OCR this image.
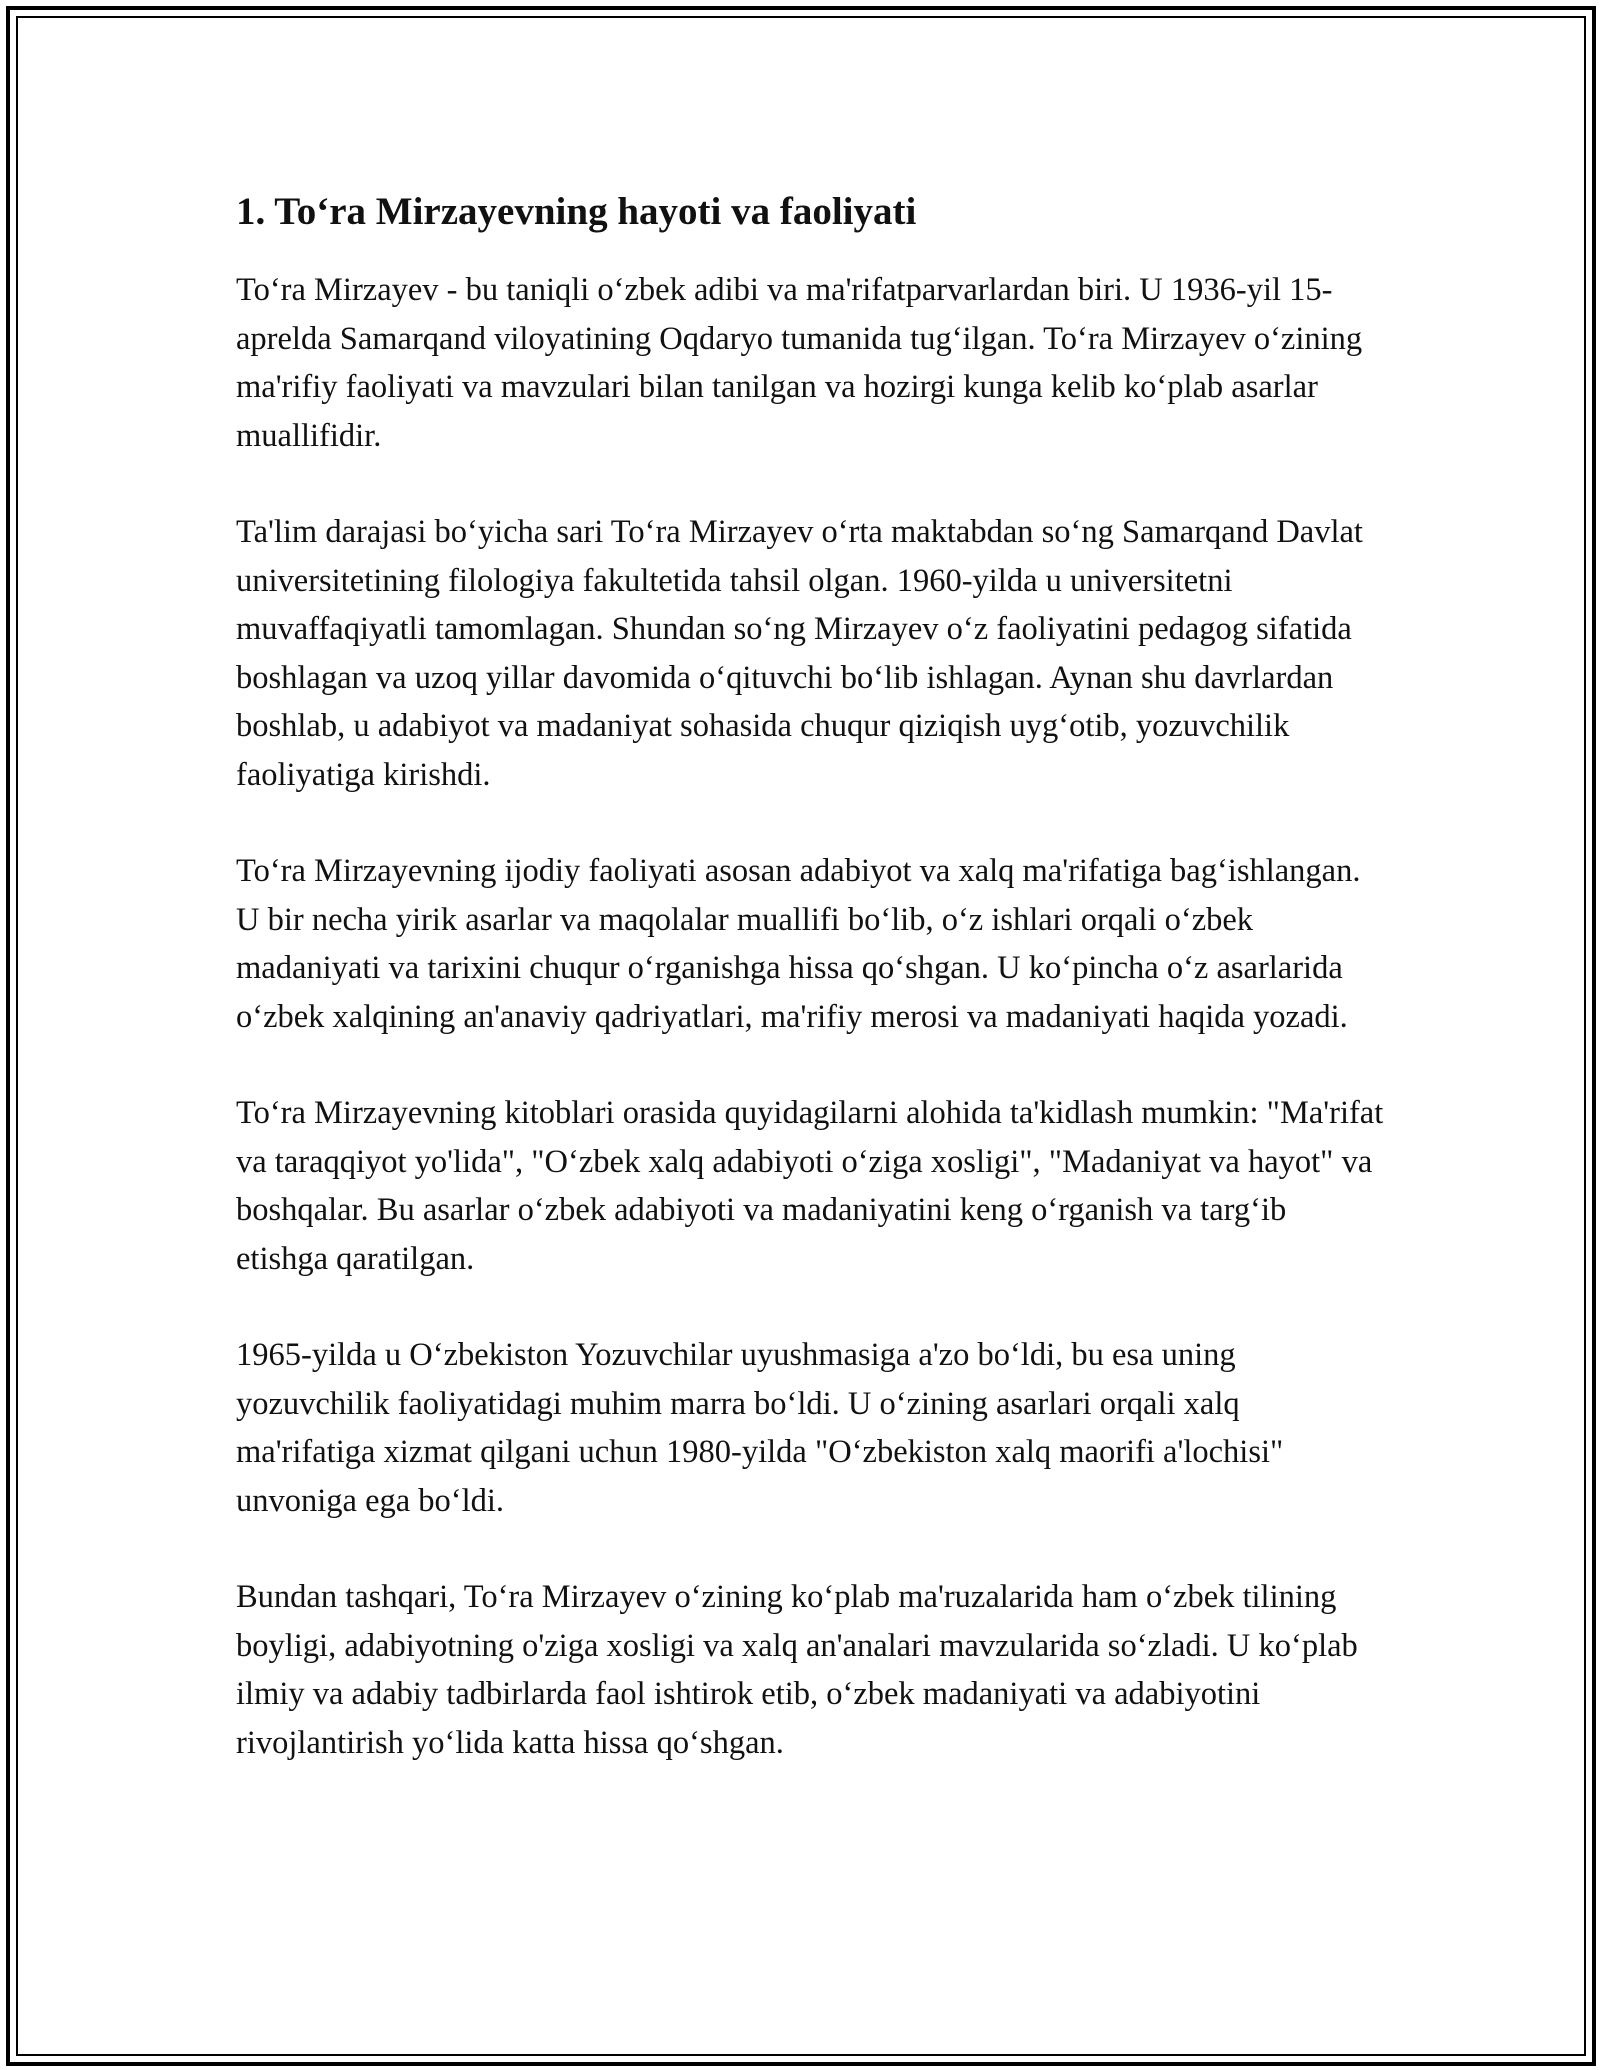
1. To‘ra Mirzayevning hayoti va faoliyati

To‘ra Mirzayev - bu taniqli o‘zbek adibi va ma'rifatparvarlardan biri. U 1936-yil 15-aprelda Samarqand viloyatining Oqdaryo tumanida tug‘ilgan. To‘ra Mirzayev o‘zining ma'rifiy faoliyati va mavzulari bilan tanilgan va hozirgi kunga kelib ko‘plab asarlar muallifidir.

Ta'lim darajasi bo‘yicha sari To‘ra Mirzayev o‘rta maktabdan so‘ng Samarqand Davlat universitetining filologiya fakultetida tahsil olgan. 1960-yilda u universitetni muvaffaqiyatli tamomlagan. Shundan so‘ng Mirzayev o‘z faoliyatini pedagog sifatida boshlagan va uzoq yillar davomida o‘qituvchi bo‘lib ishlagan. Aynan shu davrlardan boshlab, u adabiyot va madaniyat sohasida chuqur qiziqish uyg‘otib, yozuvchilik faoliyatiga kirishdi.

To‘ra Mirzayevning ijodiy faoliyati asosan adabiyot va xalq ma'rifatiga bag‘ishlangan. U bir necha yirik asarlar va maqolalar muallifi bo‘lib, o‘z ishlari orqali o‘zbek madaniyati va tarixini chuqur o‘rganishga hissa qo‘shgan. U ko‘pincha o‘z asarlarida o‘zbek xalqining an'anaviy qadriyatlari, ma'rifiy merosi va madaniyati haqida yozadi.

To‘ra Mirzayevning kitoblari orasida quyidagilarni alohida ta'kidlash mumkin: "Ma'rifat va taraqqiyot yo'lida", "O‘zbek xalq adabiyoti o‘ziga xosligi", "Madaniyat va hayot" va boshqalar. Bu asarlar o‘zbek adabiyoti va madaniyatini keng o‘rganish va targ‘ib etishga qaratilgan.

1965-yilda u O‘zbekiston Yozuvchilar uyushmasiga a'zo bo‘ldi, bu esa uning yozuvchilik faoliyatidagi muhim marra bo‘ldi. U o‘zining asarlari orqali xalq ma'rifatiga xizmat qilgani uchun 1980-yilda "O‘zbekiston xalq maorifi a'lochisi" unvoniga ega bo‘ldi.

Bundan tashqari, To‘ra Mirzayev o‘zining ko‘plab ma'ruzalarida ham o‘zbek tilining boyligi, adabiyotning o'ziga xosligi va xalq an'analari mavzularida so‘zladi. U ko‘plab ilmiy va adabiy tadbirlarda faol ishtirok etib, o‘zbek madaniyati va adabiyotini rivojlantirish yo‘lida katta hissa qo‘shgan.
